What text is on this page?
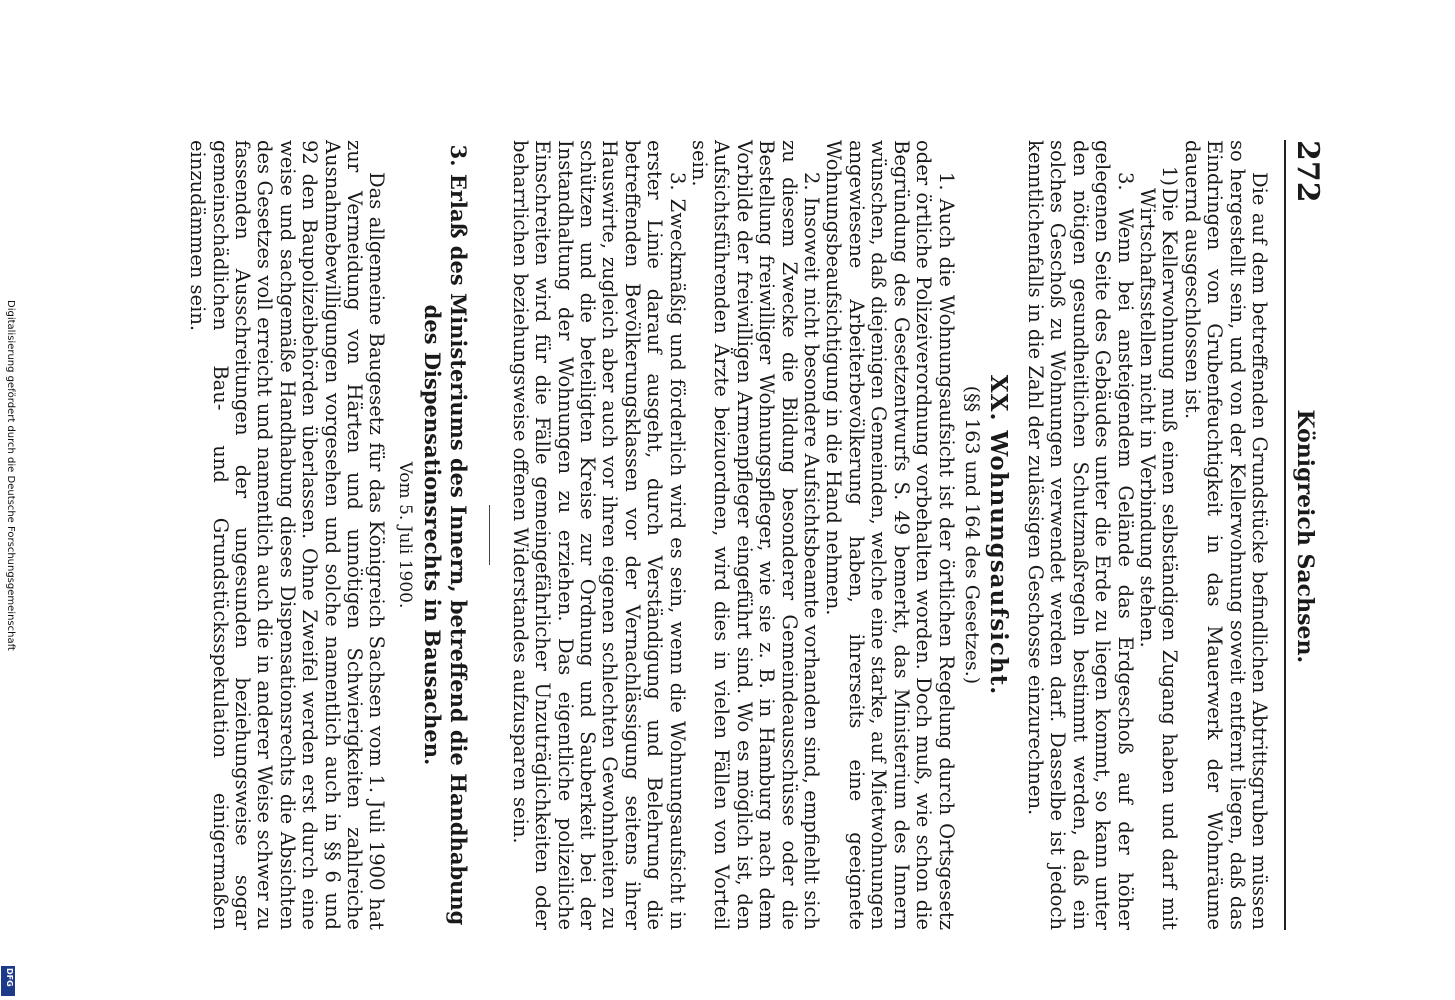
272
Königreich Sachsen.

Die auf dem betreffenden Grundstücke befindlichen Abtrittsgruben müssen so hergestellt sein, und von der Kellerwohnung soweit entfernt liegen, daß das Eindringen von Grubenfeuchtigkeit in das Mauerwerk der Wohnräume dauernd ausgeschlossen ist.

1)Die Kellerwohnung muß einen selbständigen Zugang haben und darf mit Wirtschaftsstellen nicht in Verbindung stehen.

3. Wenn bei ansteigendem Gelände das Erdgeschoß auf der höher gelegenen Seite des Gebäudes unter die Erde zu liegen kommt, so kann unter den nötigen gesundheitlichen Schutzmaßregeln bestimmt werden, daß ein solches Geschoß zu Wohnungen verwendet werden darf. Dasselbe ist jedoch kenntlichenfalls in die Zahl der zulässigen Geschosse einzurechnen.

XX. Wohnungsaufsicht.
(§§ 163 und 164 des Gesetzes.)

1. Auch die Wohnungsaufsicht ist der örtlichen Regelung durch Ortsgesetz oder örtliche Polizeiverordnung vorbehalten worden. Doch muß, wie schon die Begründung des Gesetzentwurfs S. 49 bemerkt, das Ministerium des Innern wünschen, daß diejenigen Gemeinden, welche eine starke, auf Mietwohnungen angewiesene Arbeiterbevölkerung haben, ihrerseits eine geeignete Wohnungsbeaufsichtigung in die Hand nehmen.

2. Insoweit nicht besondere Aufsichtsbeamte vorhanden sind, empfiehlt sich zu diesem Zwecke die Bildung besonderer Gemeindeausschüsse oder die Bestellung freiwilliger Wohnungspfleger, wie sie z. B. in Hamburg nach dem Vorbilde der freiwilligen Armenpfleger eingeführt sind. Wo es möglich ist, den Aufsichtsführenden Ärzte beizuordnen, wird dies in vielen Fällen von Vorteil sein.

3. Zweckmäßig und förderlich wird es sein, wenn die Wohnungsaufsicht in erster Linie darauf ausgeht, durch Verständigung und Belehrung die betreffenden Bevölkerungsklassen vor der Vernachlässigung seitens ihrer Hauswirte, zugleich aber auch vor ihren eigenen schlechten Gewohnheiten zu schützen und die beteiligten Kreise zur Ordnung und Sauberkeit bei der Instandhaltung der Wohnungen zu erziehen. Das eigentliche polizeiliche Einschreiten wird für die Fälle gemeingefährlicher Unzuträglichkeiten oder beharrlichen beziehungsweise offenen Widerstandes aufzusparen sein.

3. Erlaß des Ministeriums des Innern, betreffend die Handhabung
des Dispensationsrechts in Bausachen.
Vom 5. Juli 1900.

Das allgemeine Baugesetz für das Königreich Sachsen vom 1. Juli 1900 hat zur Vermeidung von Härten und unnötigen Schwierigkeiten zahlreiche Ausnahmebewilligungen vorgesehen und solche namentlich auch in §§ 6 und 92 den Baupolizeibehörden überlassen. Ohne Zweifel werden erst durch eine weise und sachgemäße Handhabung dieses Dispensationsrechts die Absichten des Gesetzes voll erreicht und namentlich auch die in anderer Weise schwer zu fassenden Ausschreitungen der ungesunden beziehungsweise sogar gemeinschädlichen Bau- und Grundstücksspekulation einigermaßen einzudämmen sein.

Digitalisierung gefördert durch die Deutsche Forschungsgemeinschaft
DFG
